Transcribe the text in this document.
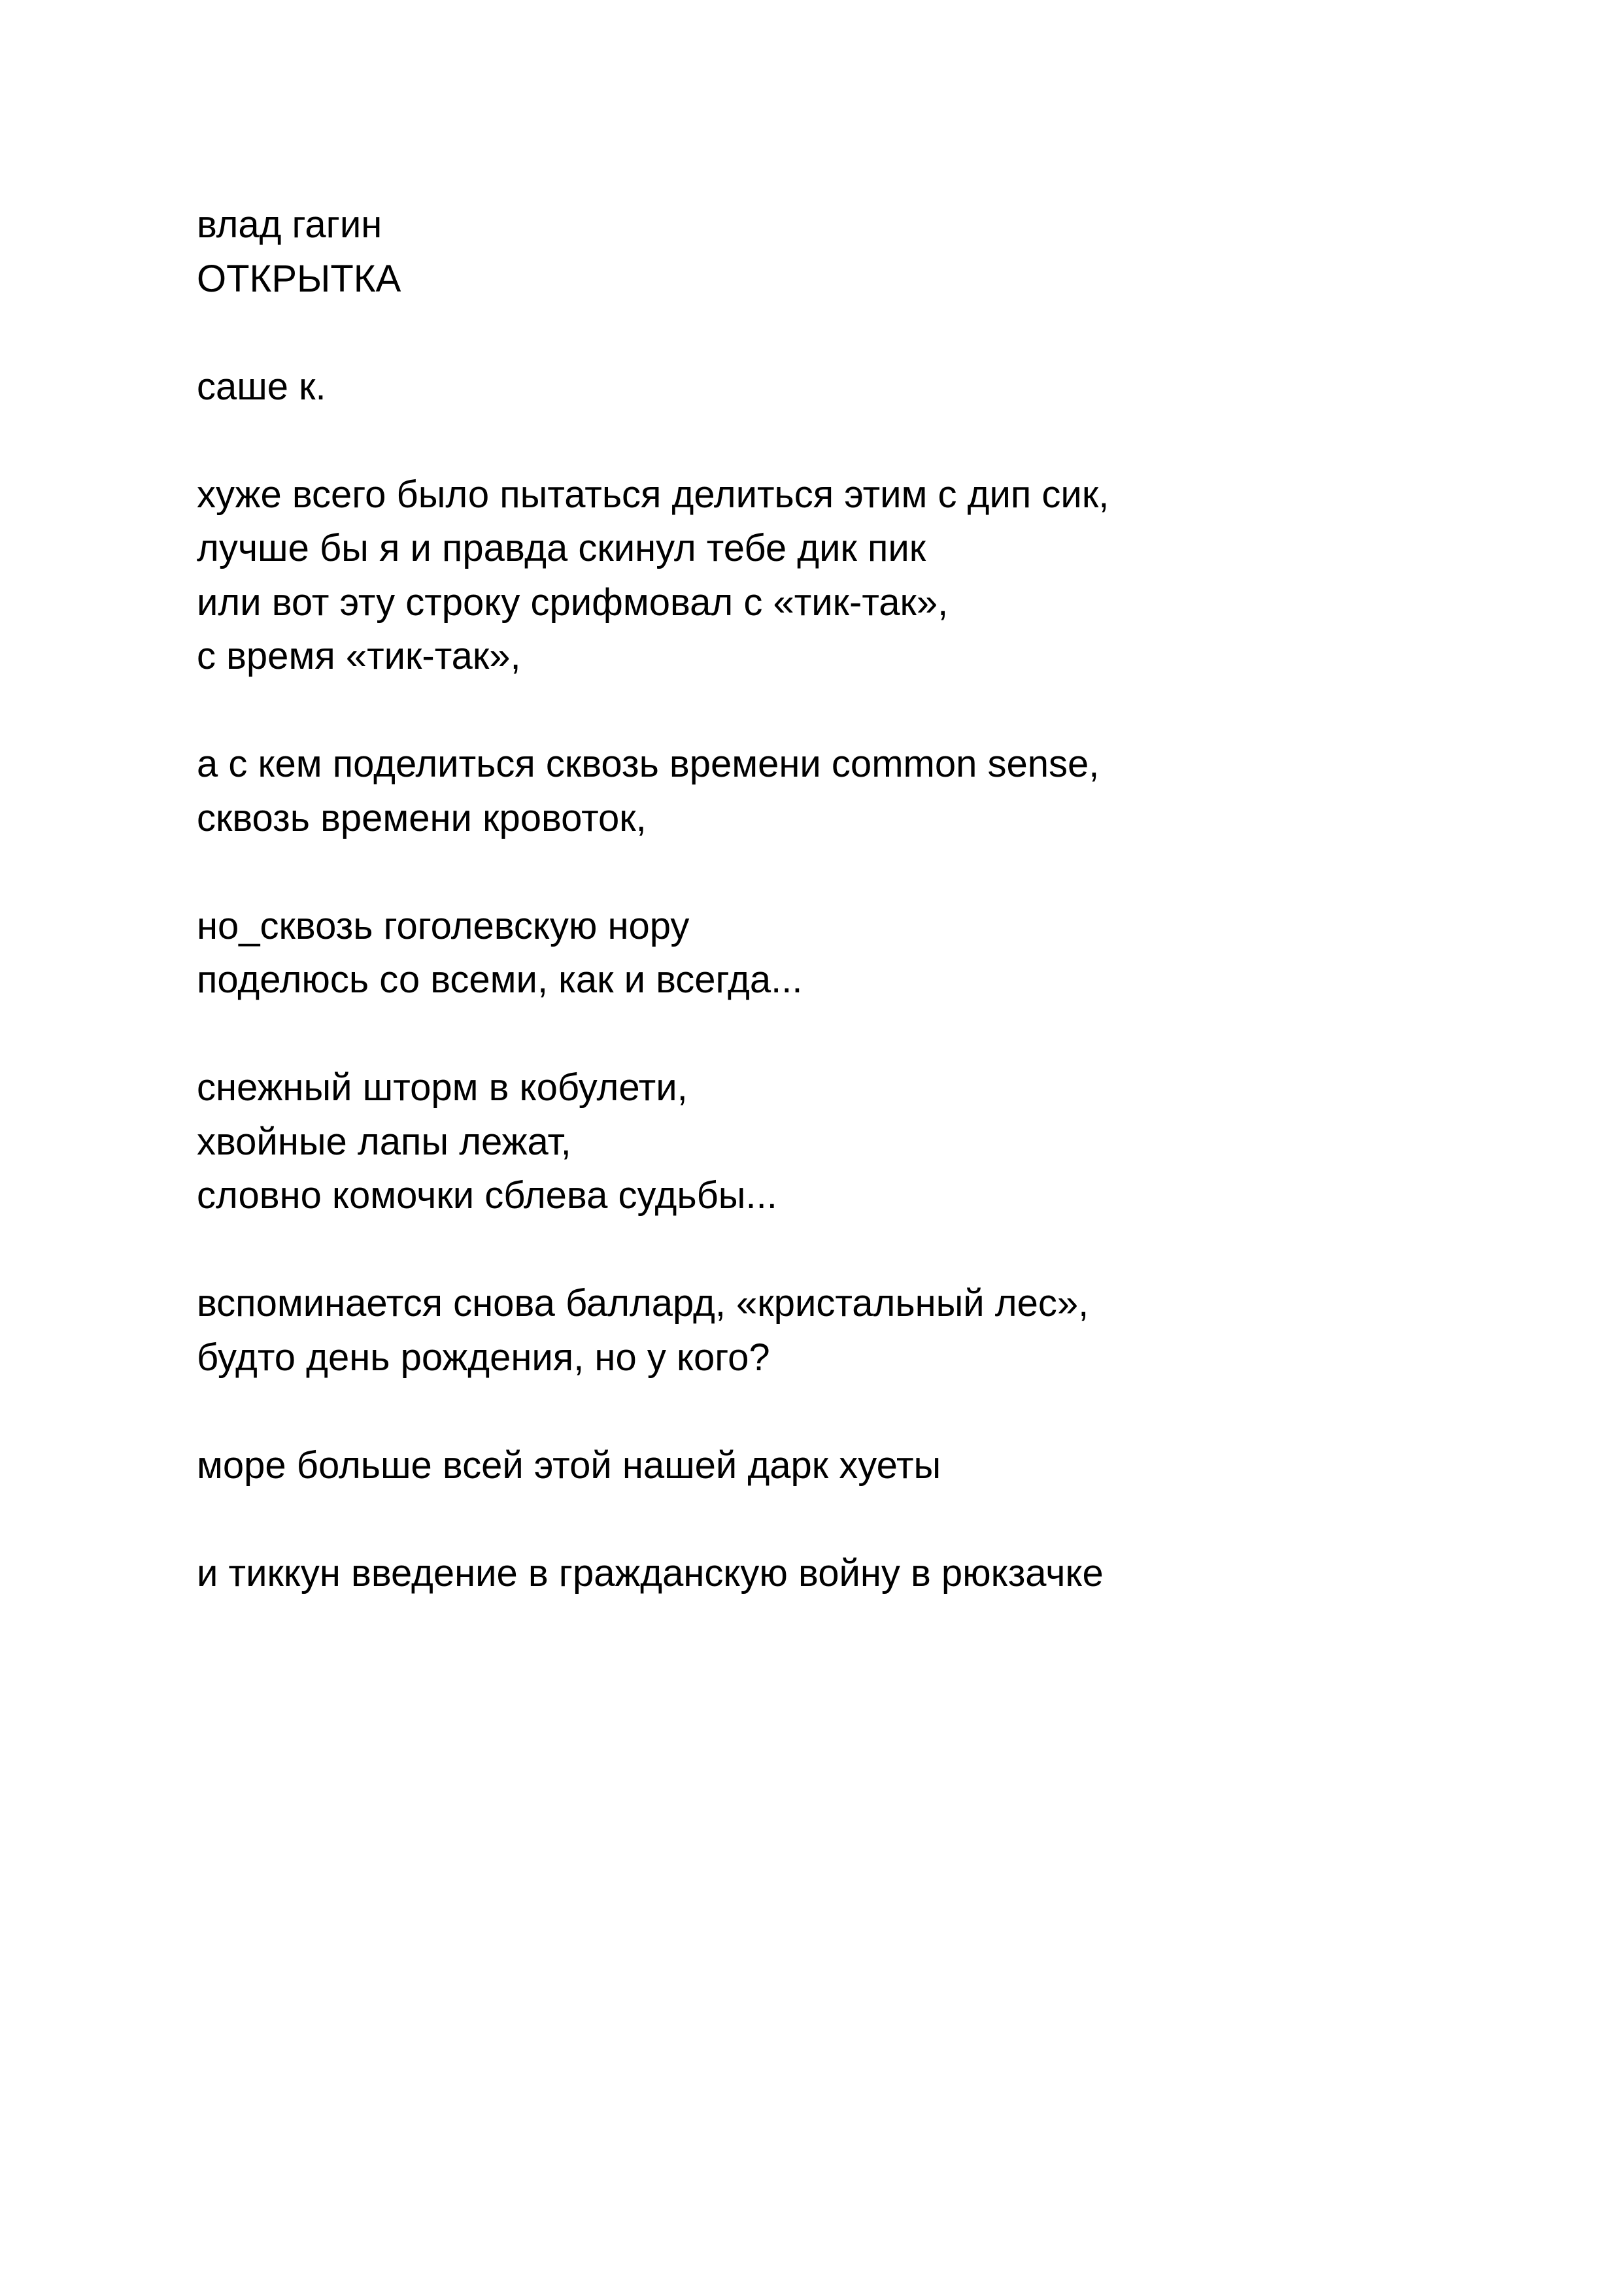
влад гагин
ОТКРЫТКА
саше к.
хуже всего было пытаться делиться этим с дип сик,
лучше бы я и правда скинул тебе дик пик
или вот эту строку срифмовал с «тик-так»,
с время «тик-так»,
а с кем поделиться сквозь времени common sense,
сквозь времени кровоток,
но_сквозь гоголевскую нору
поделюсь со всеми, как и всегда...
снежный шторм в кобулети,
хвойные лапы лежат,
словно комочки сблева судьбы...
вспоминается снова баллард, «кристальный лес»,
будто день рождения, но у кого?
море больше всей этой нашей дарк хуеты
и тиккун введение в гражданскую войну в рюкзачке
